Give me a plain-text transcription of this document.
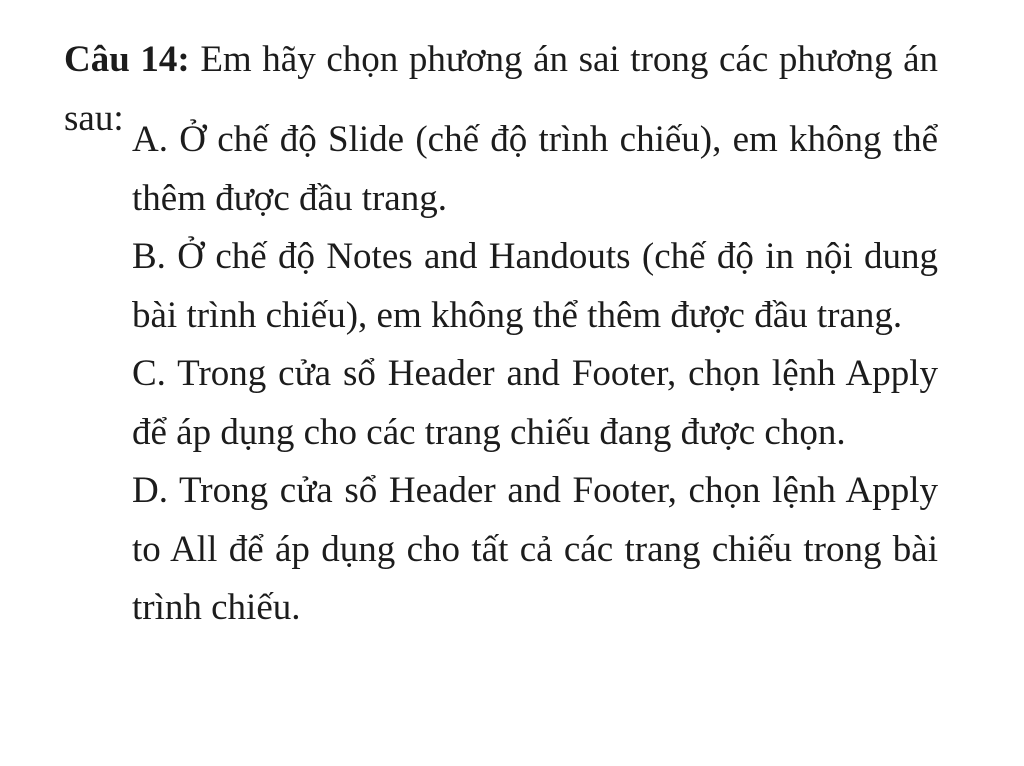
Câu 14: Em hãy chọn phương án sai trong các phương án sau:

A. Ở chế độ Slide (chế độ trình chiếu), em không thể thêm được đầu trang.

B. Ở chế độ Notes and Handouts (chế độ in nội dung bài trình chiếu), em không thể thêm được đầu trang.

C. Trong cửa sổ Header and Footer, chọn lệnh Apply để áp dụng cho các trang chiếu đang được chọn.

D. Trong cửa sổ Header and Footer, chọn lệnh Apply to All để áp dụng cho tất cả các trang chiếu trong bài trình chiếu.
